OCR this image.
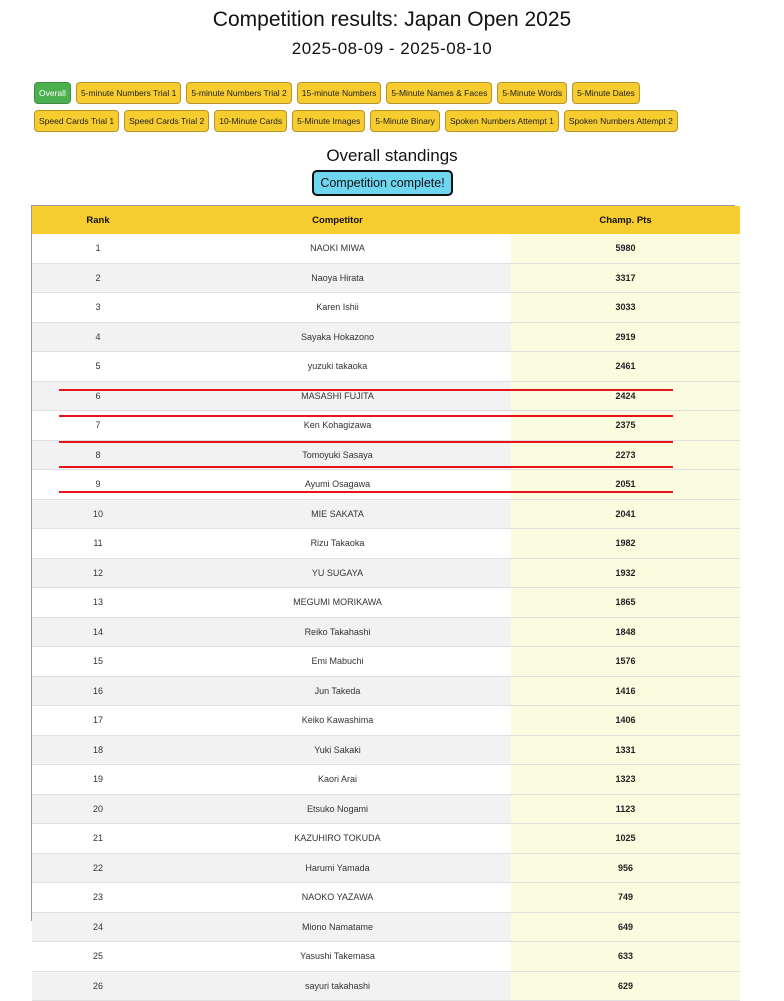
Competition results: Japan Open 2025
2025-08-09 - 2025-08-10
Overall	5-minute Numbers Trial 1	5-minute Numbers Trial 2	15-minute Numbers	5-Minute Names & Faces	5-Minute Words	5-Minute Dates
Speed Cards Trial 1	Speed Cards Trial 2	10-Minute Cards	5-Minute Images	5-Minute Binary	Spoken Numbers Attempt 1	Spoken Numbers Attempt 2
Overall standings
Competition complete!
Rank	Competitor	Champ. Pts
1	NAOKI MIWA	5980
2	Naoya Hirata	3317
3	Karen Ishii	3033
4	Sayaka Hokazono	2919
5	yuzuki takaoka	2461
6	MASASHI FUJITA	2424
7	Ken Kohagizawa	2375
8	Tomoyuki Sasaya	2273
9	Ayumi Osagawa	2051
10	MIE SAKATA	2041
11	Rizu Takaoka	1982
12	YU SUGAYA	1932
13	MEGUMI MORIKAWA	1865
14	Reiko Takahashi	1848
15	Emi Mabuchi	1576
16	Jun Takeda	1416
17	Keiko Kawashima	1406
18	Yuki Sakaki	1331
19	Kaori Arai	1323
20	Etsuko Nogami	1123
21	KAZUHIRO TOKUDA	1025
22	Harumi Yamada	956
23	NAOKO YAZAWA	749
24	Miono Namatame	649
25	Yasushi Takemasa	633
26	sayuri takahashi	629
